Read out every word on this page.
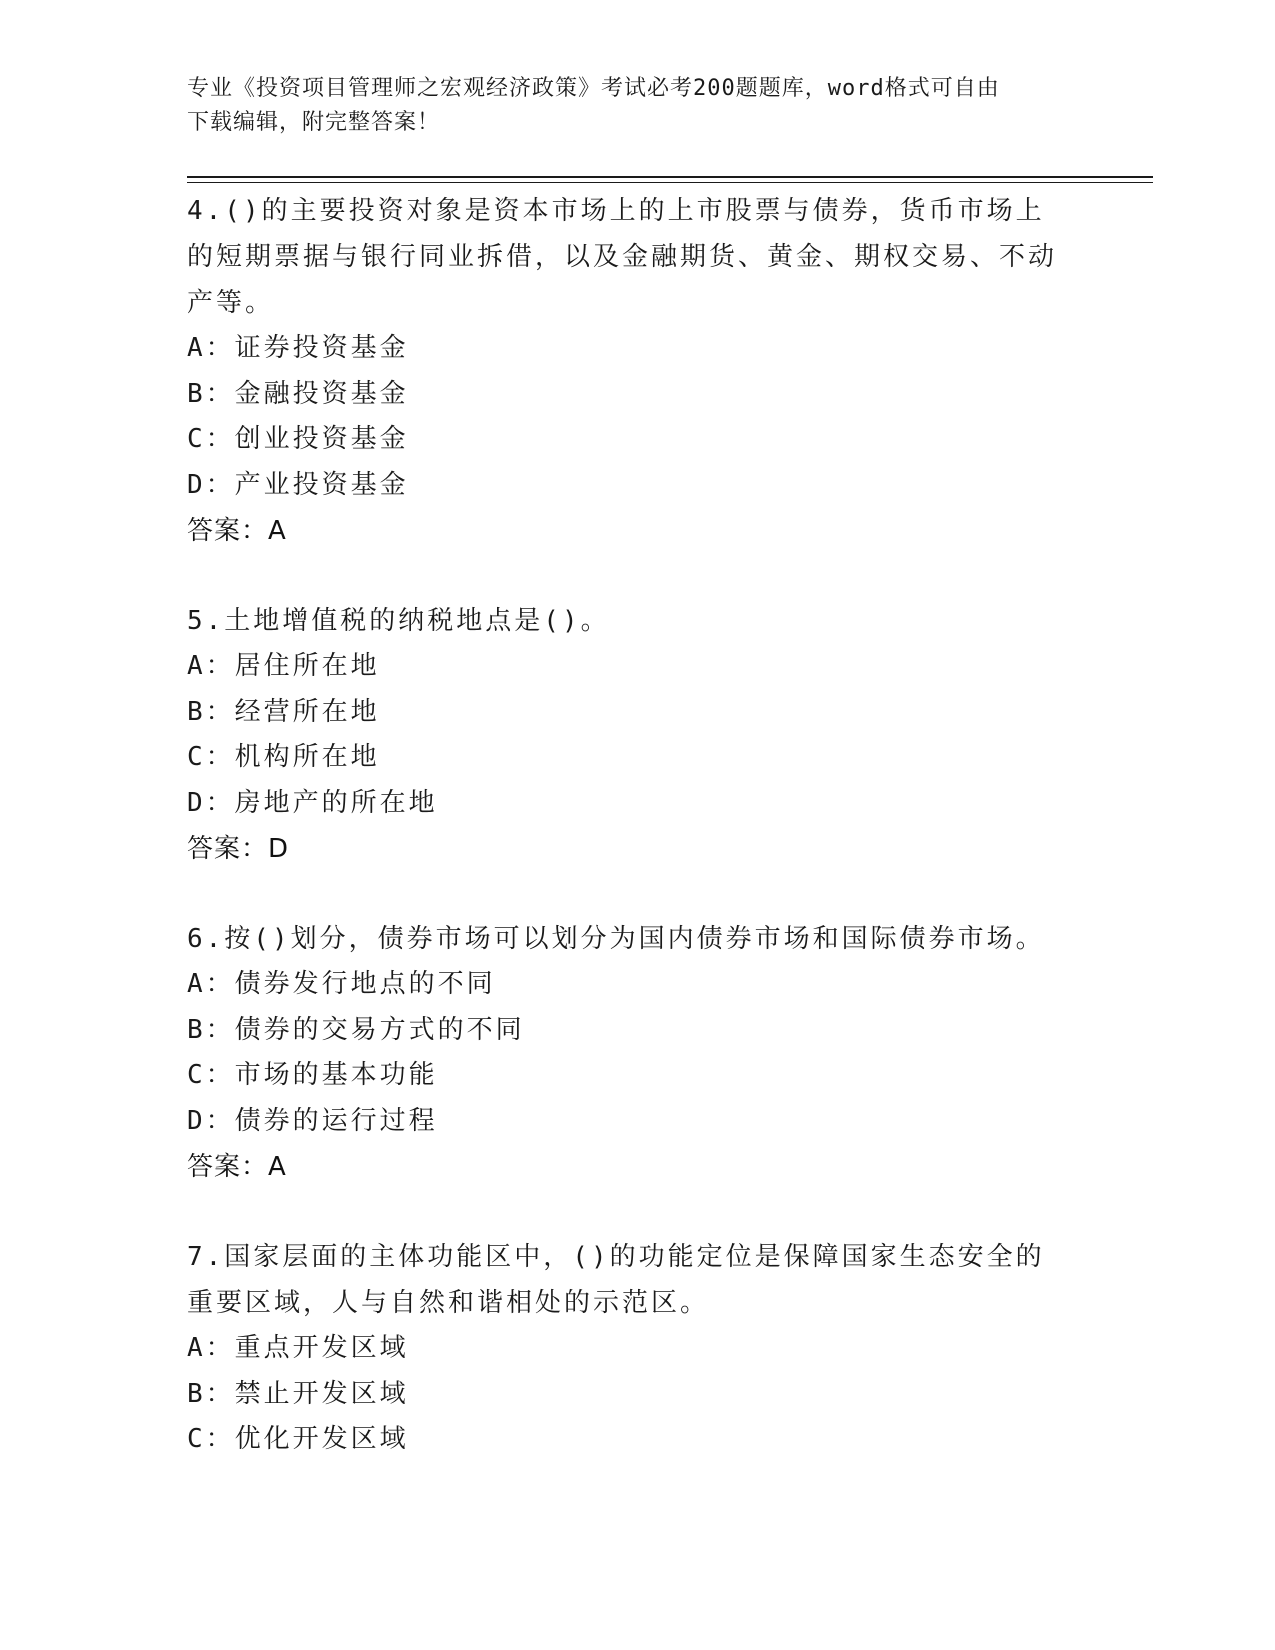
专业《投资项目管理师之宏观经济政策》考试必考200题题库，word格式可自由
下载编辑，附完整答案！
4.()的主要投资对象是资本市场上的上市股票与债券，货币市场上的短期票据与银行同业拆借，以及金融期货、黄金、期权交易、不动产等。
A：证券投资基金
B：金融投资基金
C：创业投资基金
D：产业投资基金
答案：A
5.土地增值税的纳税地点是()。
A：居住所在地
B：经营所在地
C：机构所在地
D：房地产的所在地
答案：D
6.按()划分，债券市场可以划分为国内债券市场和国际债券市场。
A：债券发行地点的不同
B：债券的交易方式的不同
C：市场的基本功能
D：债券的运行过程
答案：A
7.国家层面的主体功能区中，()的功能定位是保障国家生态安全的重要区域，人与自然和谐相处的示范区。
A：重点开发区域
B：禁止开发区域
C：优化开发区域
